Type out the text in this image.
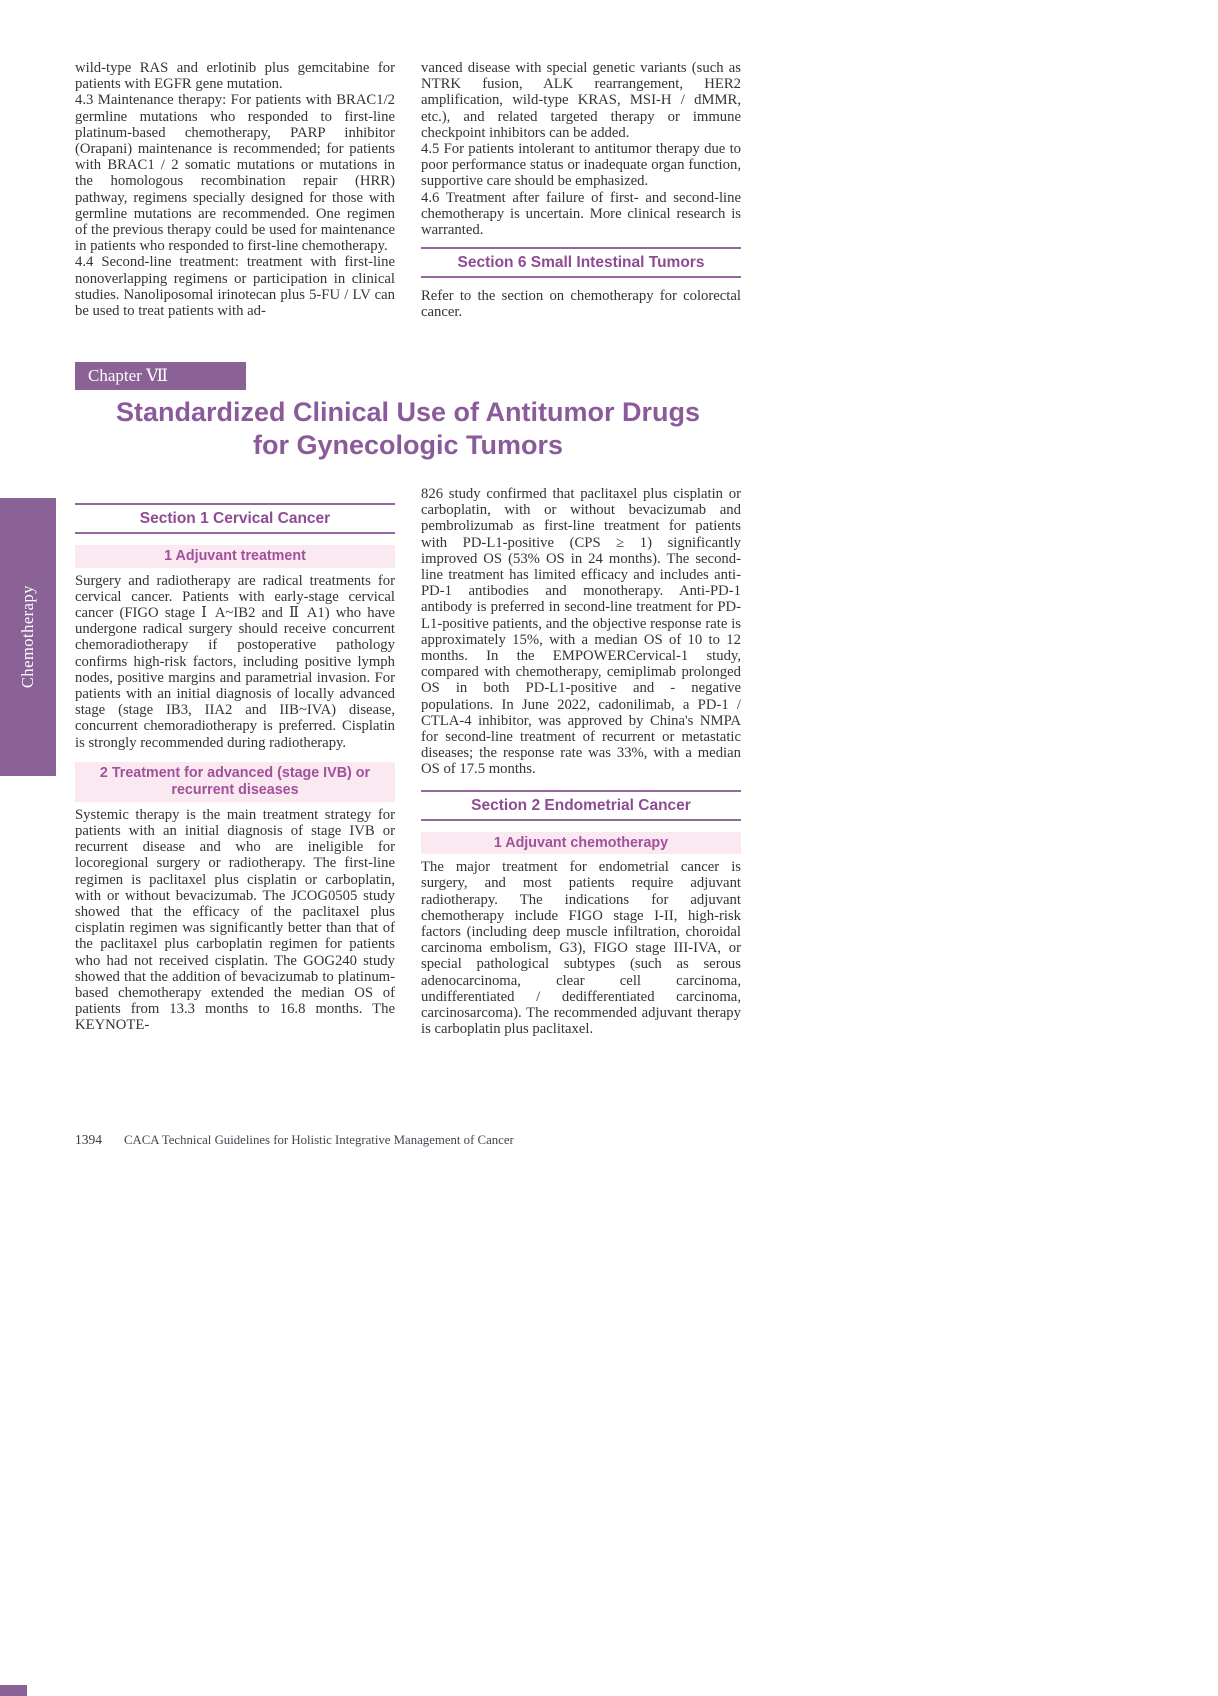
wild-type RAS and erlotinib plus gemcitabine for patients with EGFR gene mutation.

4.3 Maintenance therapy: For patients with BRAC1/2 germline mutations who responded to first-line platinum-based chemotherapy, PARP inhibitor (Orapani) maintenance is recommended; for patients with BRAC1 / 2 somatic mutations or mutations in the homologous recombination repair (HRR) pathway, regimens specially designed for those with germline mutations are recommended. One regimen of the previous therapy could be used for maintenance in patients who responded to first-line chemotherapy.

4.4 Second-line treatment: treatment with first-line nonoverlapping regimens or participation in clinical studies. Nanoliposomal irinotecan plus 5-FU / LV can be used to treat patients with ad-

vanced disease with special genetic variants (such as NTRK fusion, ALK rearrangement, HER2 amplification, wild-type KRAS, MSI-H / dMMR, etc.), and related targeted therapy or immune checkpoint inhibitors can be added.

4.5 For patients intolerant to antitumor therapy due to poor performance status or inadequate organ function, supportive care should be emphasized.

4.6 Treatment after failure of first- and second-line chemotherapy is uncertain. More clinical research is warranted.

Section 6 Small Intestinal Tumors

Refer to the section on chemotherapy for colorectal cancer.

Chapter Ⅶ
Standardized Clinical Use of Antitumor Drugs
for Gynecologic Tumors
Chemotherapy
Section 1 Cervical Cancer
1 Adjuvant treatment

Surgery and radiotherapy are radical treatments for cervical cancer. Patients with early-stage cervical cancer (FIGO stage Ⅰ A~IB2 and Ⅱ A1) who have undergone radical surgery should receive concurrent chemoradiotherapy if postoperative pathology confirms high-risk factors, including positive lymph nodes, positive margins and parametrial invasion. For patients with an initial diagnosis of locally advanced stage (stage IB3, IIA2 and IIB~IVA) disease, concurrent chemoradiotherapy is preferred. Cisplatin is strongly recommended during radiotherapy.

2 Treatment for advanced (stage IVB) or recurrent diseases

Systemic therapy is the main treatment strategy for patients with an initial diagnosis of stage IVB or recurrent disease and who are ineligible for locoregional surgery or radiotherapy. The first-line regimen is paclitaxel plus cisplatin or carboplatin, with or without bevacizumab. The JCOG0505 study showed that the efficacy of the paclitaxel plus cisplatin regimen was significantly better than that of the paclitaxel plus carboplatin regimen for patients who had not received cisplatin. The GOG240 study showed that the addition of bevacizumab to platinum-based chemotherapy extended the median OS of patients from 13.3 months to 16.8 months. The KEYNOTE-

826 study confirmed that paclitaxel plus cisplatin or carboplatin, with or without bevacizumab and pembrolizumab as first-line treatment for patients with PD-L1-positive (CPS ≥ 1) significantly improved OS (53% OS in 24 months). The second-line treatment has limited efficacy and includes anti-PD-1 antibodies and monotherapy. Anti-PD-1 antibody is preferred in second-line treatment for PD-L1-positive patients, and the objective response rate is approximately 15%, with a median OS of 10 to 12 months. In the EMPOWERCervical-1 study, compared with chemotherapy, cemiplimab prolonged OS in both PD-L1-positive and - negative populations. In June 2022, cadonilimab, a PD-1 / CTLA-4 inhibitor, was approved by China's NMPA for second-line treatment of recurrent or metastatic diseases; the response rate was 33%, with a median OS of 17.5 months.

Section 2 Endometrial Cancer
1 Adjuvant chemotherapy

The major treatment for endometrial cancer is surgery, and most patients require adjuvant radiotherapy. The indications for adjuvant chemotherapy include FIGO stage I-II, high-risk factors (including deep muscle infiltration, choroidal carcinoma embolism, G3), FIGO stage III-IVA, or special pathological subtypes (such as serous adenocarcinoma, clear cell carcinoma, undifferentiated / dedifferentiated carcinoma, carcinosarcoma). The recommended adjuvant therapy is carboplatin plus paclitaxel.

1394 CACA Technical Guidelines for Holistic Integrative Management of Cancer
